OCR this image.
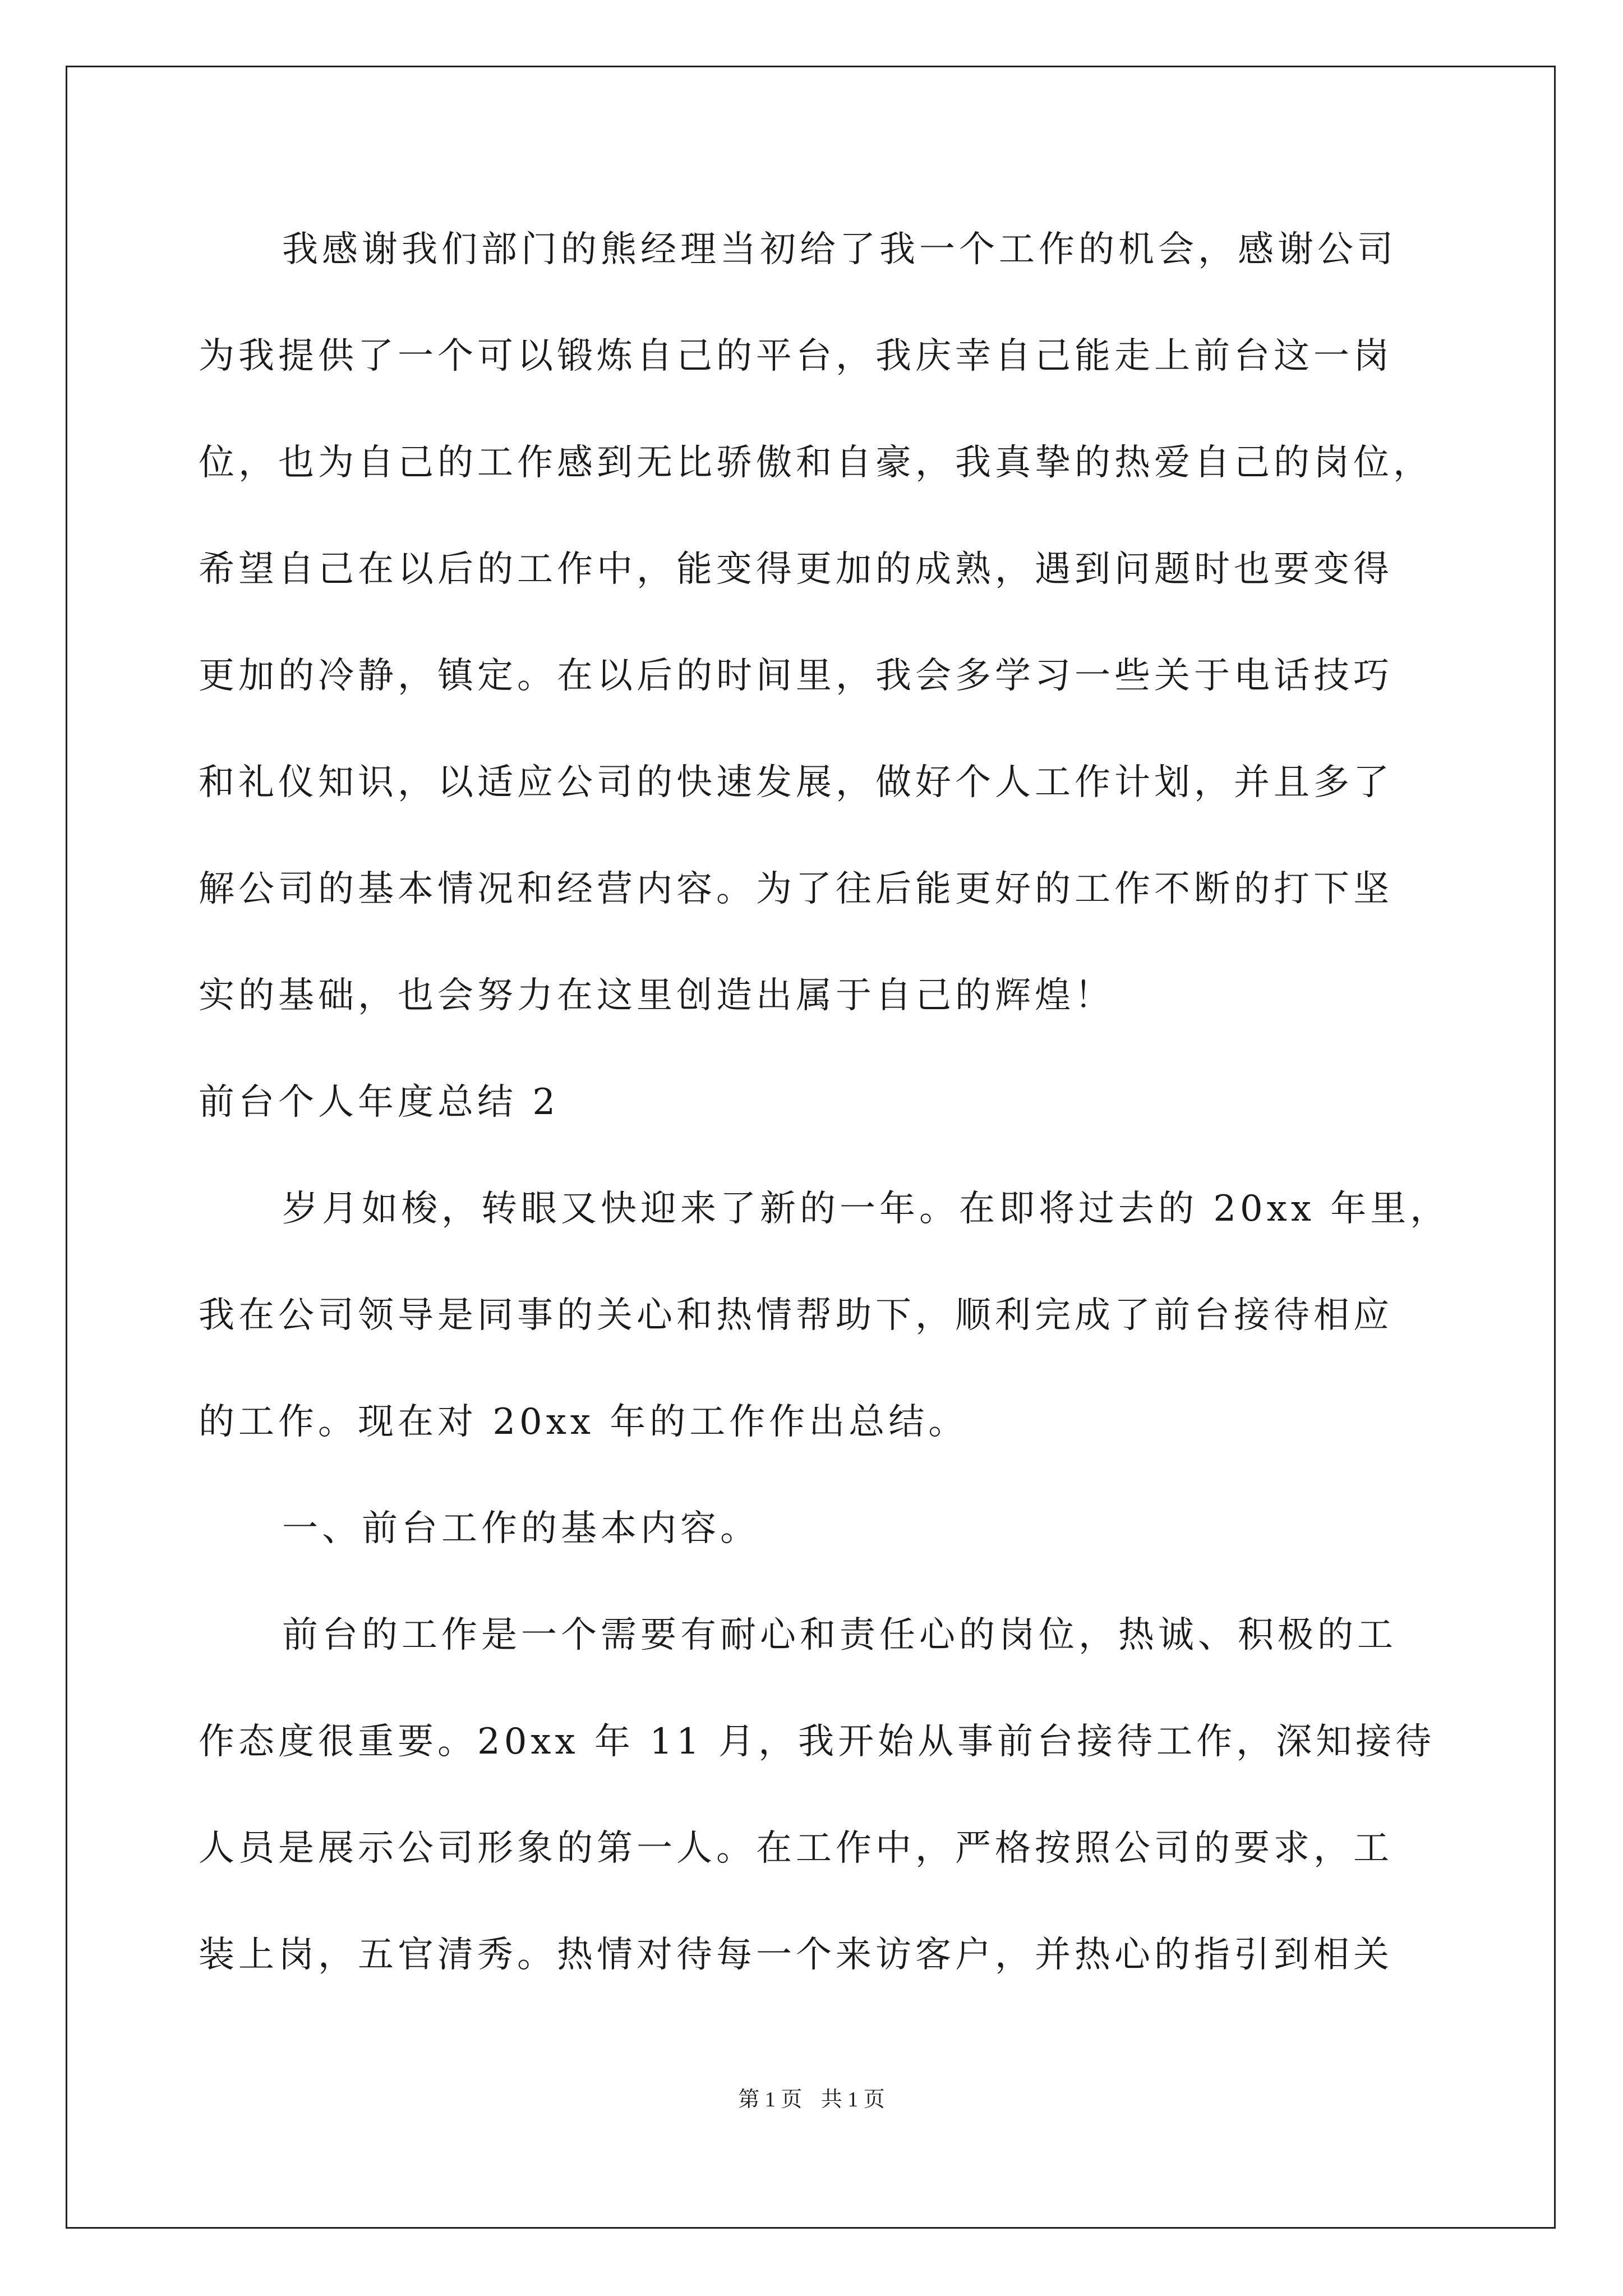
我感谢我们部门的熊经理当初给了我一个工作的机会，感谢公司
为我提供了一个可以锻炼自己的平台，我庆幸自己能走上前台这一岗
位，也为自己的工作感到无比骄傲和自豪，我真挚的热爱自己的岗位，
希望自己在以后的工作中，能变得更加的成熟，遇到问题时也要变得
更加的冷静，镇定。在以后的时间里，我会多学习一些关于电话技巧
和礼仪知识，以适应公司的快速发展，做好个人工作计划，并且多了
解公司的基本情况和经营内容。为了往后能更好的工作不断的打下坚
实的基础，也会努力在这里创造出属于自己的辉煌！
前台个人年度总结 2
岁月如梭，转眼又快迎来了新的一年。在即将过去的 20xx 年里，
我在公司领导是同事的关心和热情帮助下，顺利完成了前台接待相应
的工作。现在对 20xx 年的工作作出总结。
一、前台工作的基本内容。
前台的工作是一个需要有耐心和责任心的岗位，热诚、积极的工
作态度很重要。20xx 年 11 月，我开始从事前台接待工作，深知接待
人员是展示公司形象的第一人。在工作中，严格按照公司的要求，工
装上岗，五官清秀。热情对待每一个来访客户，并热心的指引到相关
第 1 页 共 1 页
